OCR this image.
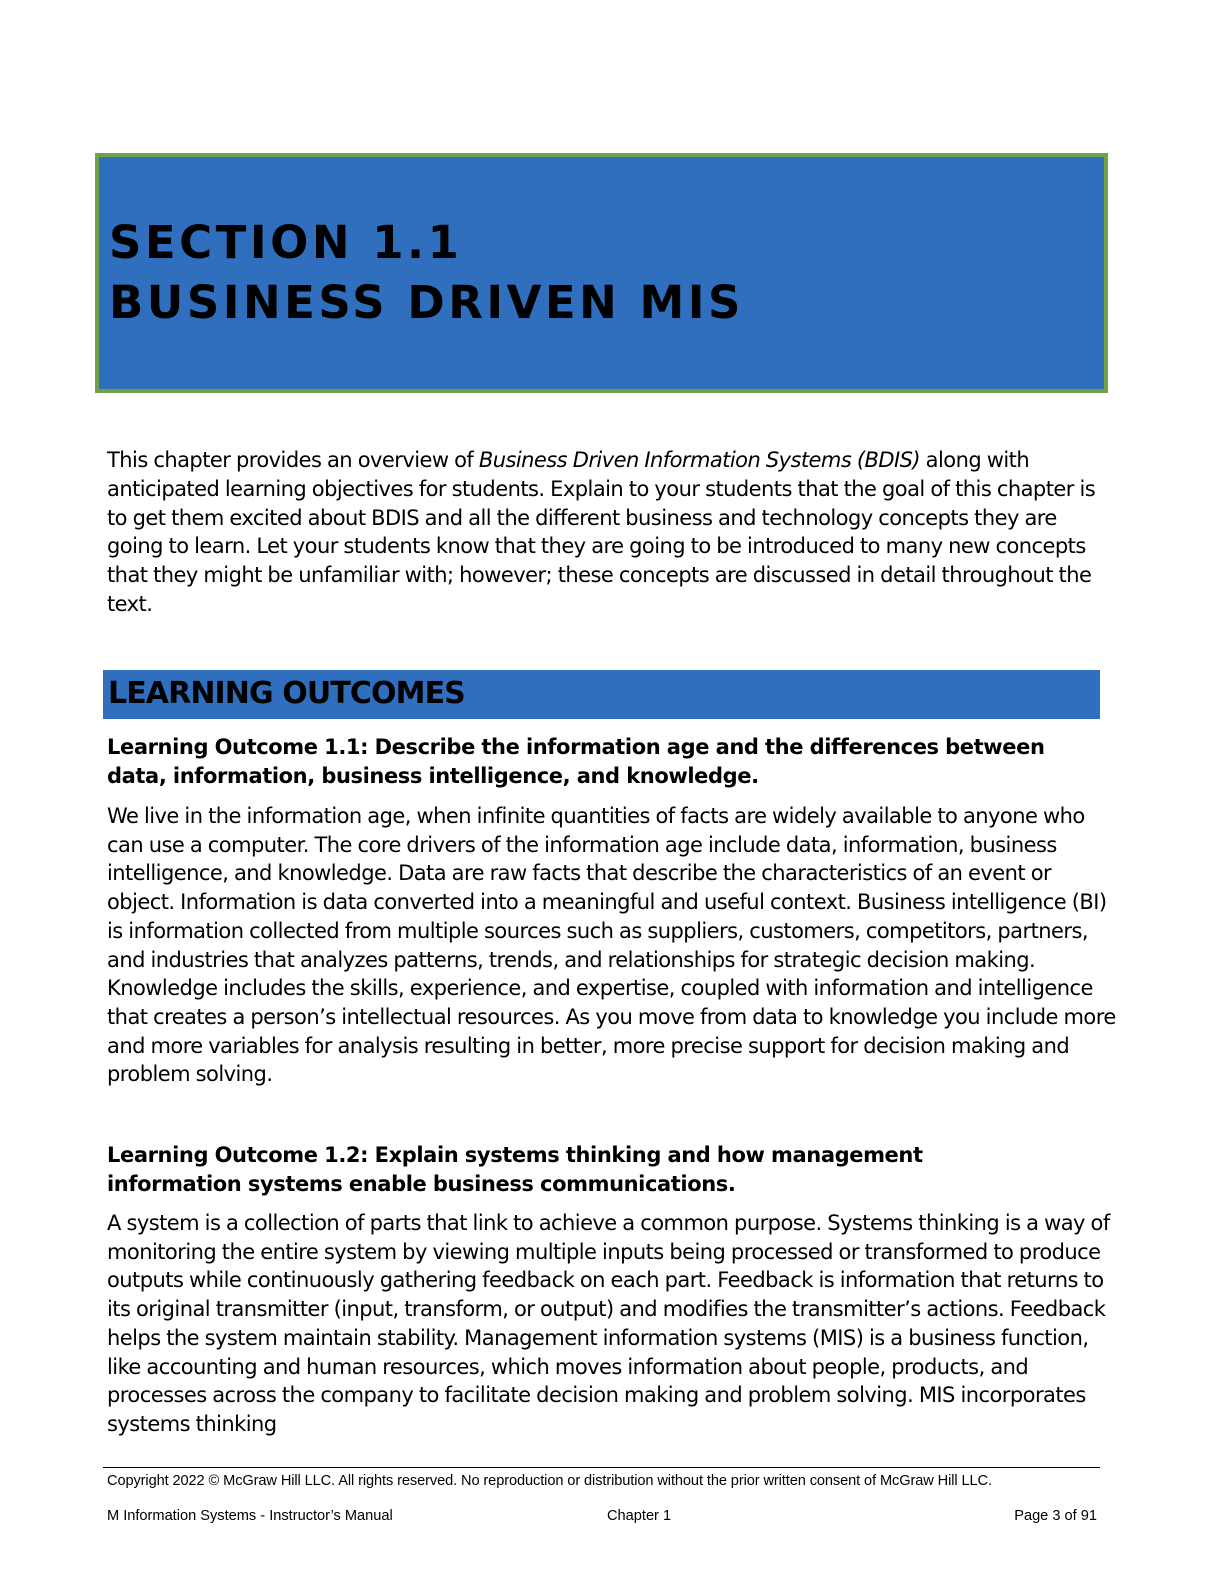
SECTION 1.1
BUSINESS DRIVEN MIS

This chapter provides an overview of Business Driven Information Systems (BDIS) along with anticipated learning objectives for students. Explain to your students that the goal of this chapter is to get them excited about BDIS and all the different business and technology concepts they are going to learn. Let your students know that they are going to be introduced to many new concepts that they might be unfamiliar with; however; these concepts are discussed in detail throughout the text.

LEARNING OUTCOMES
Learning Outcome 1.1: Describe the information age and the differences between data, information, business intelligence, and knowledge.

We live in the information age, when infinite quantities of facts are widely available to anyone who can use a computer. The core drivers of the information age include data, information, business intelligence, and knowledge. Data are raw facts that describe the characteristics of an event or object. Information is data converted into a meaningful and useful context. Business intelligence (BI) is information collected from multiple sources such as suppliers, customers, competitors, partners, and industries that analyzes patterns, trends, and relationships for strategic decision making. Knowledge includes the skills, experience, and expertise, coupled with information and intelligence that creates a person’s intellectual resources. As you move from data to knowledge you include more and more variables for analysis resulting in better, more precise support for decision making and problem solving.

Learning Outcome 1.2: Explain systems thinking and how management information systems enable business communications.

A system is a collection of parts that link to achieve a common purpose. Systems thinking is a way of monitoring the entire system by viewing multiple inputs being processed or transformed to produce outputs while continuously gathering feedback on each part. Feedback is information that returns to its original transmitter (input, transform, or output) and modifies the transmitter’s actions. Feedback helps the system maintain stability. Management information systems (MIS) is a business function, like accounting and human resources, which moves information about people, products, and processes across the company to facilitate decision making and problem solving. MIS incorporates systems thinking

Copyright 2022 © McGraw Hill LLC. All rights reserved. No reproduction or distribution without the prior written consent of McGraw Hill LLC.

M Information Systems - Instructor’s Manual	Chapter 1	Page 3 of 91
